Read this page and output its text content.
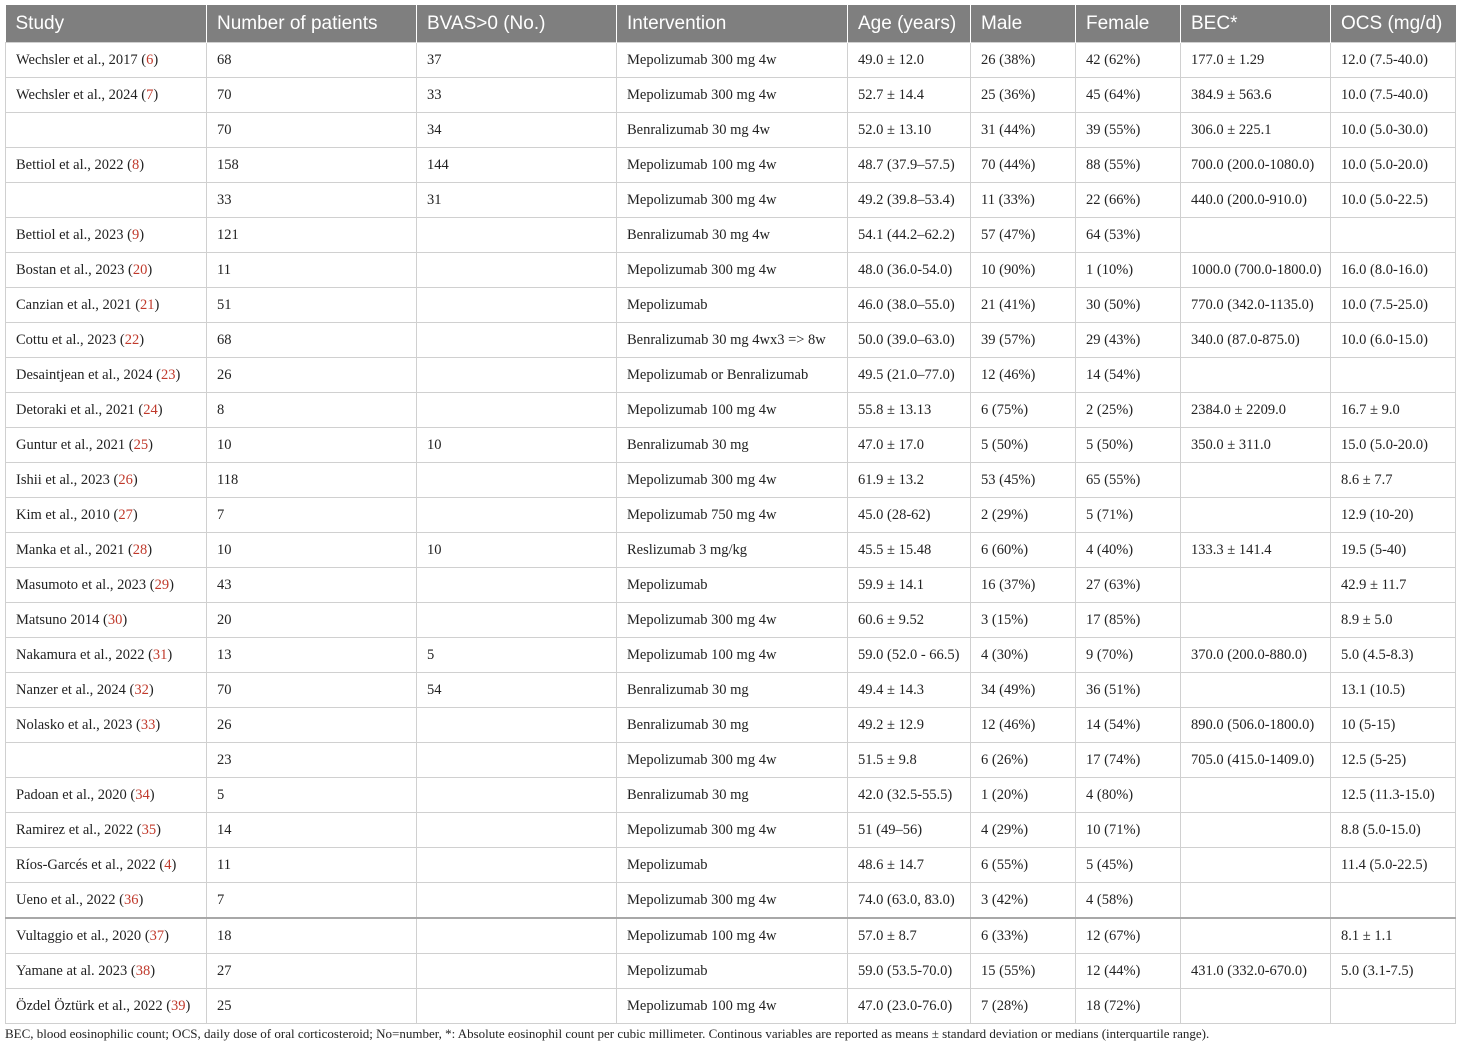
Study	Number of patients	BVAS>0 (No.)	Intervention	Age (years)	Male	Female	BEC*	OCS (mg/d)
Wechsler et al., 2017 (6)	68	37	Mepolizumab 300 mg 4w	49.0 ± 12.0	26 (38%)	42 (62%)	177.0 ± 1.29	12.0 (7.5-40.0)
Wechsler et al., 2024 (7)	70	33	Mepolizumab 300 mg 4w	52.7 ± 14.4	25 (36%)	45 (64%)	384.9 ± 563.6	10.0 (7.5-40.0)
	70	34	Benralizumab 30 mg 4w	52.0 ± 13.10	31 (44%)	39 (55%)	306.0 ± 225.1	10.0 (5.0-30.0)
Bettiol et al., 2022 (8)	158	144	Mepolizumab 100 mg 4w	48.7 (37.9–57.5)	70 (44%)	88 (55%)	700.0 (200.0-1080.0)	10.0 (5.0-20.0)
	33	31	Mepolizumab 300 mg 4w	49.2 (39.8–53.4)	11 (33%)	22 (66%)	440.0 (200.0-910.0)	10.0 (5.0-22.5)
Bettiol et al., 2023 (9)	121		Benralizumab 30 mg 4w	54.1 (44.2–62.2)	57 (47%)	64 (53%)		
Bostan et al., 2023 (20)	11		Mepolizumab 300 mg 4w	48.0 (36.0-54.0)	10 (90%)	1 (10%)	1000.0 (700.0-1800.0)	16.0 (8.0-16.0)
Canzian et al., 2021 (21)	51		Mepolizumab	46.0 (38.0–55.0)	21 (41%)	30 (50%)	770.0 (342.0-1135.0)	10.0 (7.5-25.0)
Cottu et al., 2023 (22)	68		Benralizumab 30 mg 4wx3 => 8w	50.0 (39.0–63.0)	39 (57%)	29 (43%)	340.0 (87.0-875.0)	10.0 (6.0-15.0)
Desaintjean et al., 2024 (23)	26		Mepolizumab or Benralizumab	49.5 (21.0–77.0)	12 (46%)	14 (54%)		
Detoraki et al., 2021 (24)	8		Mepolizumab 100 mg 4w	55.8 ± 13.13	6 (75%)	2 (25%)	2384.0 ± 2209.0	16.7 ± 9.0
Guntur et al., 2021 (25)	10	10	Benralizumab 30 mg	47.0 ± 17.0	5 (50%)	5 (50%)	350.0 ± 311.0	15.0 (5.0-20.0)
Ishii et al., 2023 (26)	118		Mepolizumab 300 mg 4w	61.9 ± 13.2	53 (45%)	65 (55%)		8.6 ± 7.7
Kim et al., 2010 (27)	7		Mepolizumab 750 mg 4w	45.0 (28-62)	2 (29%)	5 (71%)		12.9 (10-20)
Manka et al., 2021 (28)	10	10	Reslizumab 3 mg/kg	45.5 ± 15.48	6 (60%)	4 (40%)	133.3 ± 141.4	19.5 (5-40)
Masumoto et al., 2023 (29)	43		Mepolizumab	59.9 ± 14.1	16 (37%)	27 (63%)		42.9 ± 11.7
Matsuno 2014 (30)	20		Mepolizumab 300 mg 4w	60.6 ± 9.52	3 (15%)	17 (85%)		8.9 ± 5.0
Nakamura et al., 2022 (31)	13	5	Mepolizumab 100 mg 4w	59.0 (52.0 - 66.5)	4 (30%)	9 (70%)	370.0 (200.0-880.0)	5.0 (4.5-8.3)
Nanzer et al., 2024 (32)	70	54	Benralizumab 30 mg	49.4 ± 14.3	34 (49%)	36 (51%)		13.1 (10.5)
Nolasko et al., 2023 (33)	26		Benralizumab 30 mg	49.2 ± 12.9	12 (46%)	14 (54%)	890.0 (506.0-1800.0)	10 (5-15)
	23		Mepolizumab 300 mg 4w	51.5 ± 9.8	6 (26%)	17 (74%)	705.0 (415.0-1409.0)	12.5 (5-25)
Padoan et al., 2020 (34)	5		Benralizumab 30 mg	42.0 (32.5-55.5)	1 (20%)	4 (80%)		12.5 (11.3-15.0)
Ramirez et al., 2022 (35)	14		Mepolizumab 300 mg 4w	51 (49–56)	4 (29%)	10 (71%)		8.8 (5.0-15.0)
Ríos-Garcés et al., 2022 (4)	11		Mepolizumab	48.6 ± 14.7	6 (55%)	5 (45%)		11.4 (5.0-22.5)
Ueno et al., 2022 (36)	7		Mepolizumab 300 mg 4w	74.0 (63.0, 83.0)	3 (42%)	4 (58%)		
Vultaggio et al., 2020 (37)	18		Mepolizumab 100 mg 4w	57.0 ± 8.7	6 (33%)	12 (67%)		8.1 ± 1.1
Yamane at al. 2023 (38)	27		Mepolizumab	59.0 (53.5-70.0)	15 (55%)	12 (44%)	431.0 (332.0-670.0)	5.0 (3.1-7.5)
Özdel Öztürk et al., 2022 (39)	25		Mepolizumab 100 mg 4w	47.0 (23.0-76.0)	7 (28%)	18 (72%)		
BEC, blood eosinophilic count; OCS, daily dose of oral corticosteroid; No=number, *: Absolute eosinophil count per cubic millimeter. Continous variables are reported as means ± standard deviation or medians (interquartile range).
